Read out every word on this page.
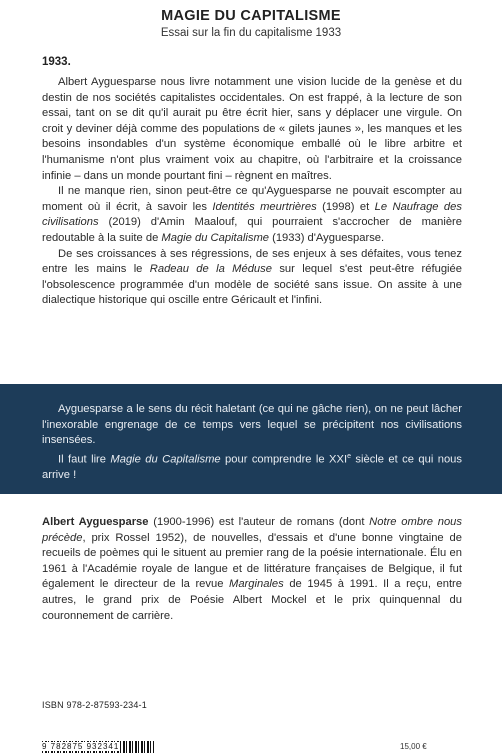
MAGIE DU CAPITALISME
Essai sur la fin du capitalisme 1933
1933.

Albert Ayguesparse nous livre notamment une vision lucide de la genèse et du destin de nos sociétés capitalistes occidentales. On est frappé, à la lecture de son essai, tant on se dit qu'il aurait pu être écrit hier, sans y déplacer une virgule. On croit y deviner déjà comme des populations de « gilets jaunes », les manques et les besoins insondables d'un système économique emballé où le libre arbitre et l'humanisme n'ont plus vraiment voix au chapitre, où l'arbitraire et la croissance infinie – dans un monde pourtant fini – règnent en maîtres.

Il ne manque rien, sinon peut-être ce qu'Ayguesparse ne pouvait escompter au moment où il écrit, à savoir les Identités meurtrières (1998) et Le Naufrage des civilisations (2019) d'Amin Maalouf, qui pourraient s'accrocher de manière redoutable à la suite de Magie du Capitalisme (1933) d'Ayguesparse.

De ses croissances à ses régressions, de ses enjeux à ses défaites, vous tenez entre les mains le Radeau de la Méduse sur lequel s'est peut-être réfugiée l'obsolescence programmée d'un modèle de société sans issue. On assite à une dialectique historique qui oscille entre Géricault et l'infini.

Ayguesparse a le sens du récit haletant (ce qui ne gâche rien), on ne peut lâcher l'inexorable engrenage de ce temps vers lequel se précipitent nos civilisations insensées.

Il faut lire Magie du Capitalisme pour comprendre le XXIe siècle et ce qui nous arrive !

Albert Ayguesparse (1900-1996) est l'auteur de romans (dont Notre ombre nous précède, prix Rossel 1952), de nouvelles, d'essais et d'une bonne vingtaine de recueils de poèmes qui le situent au premier rang de la poésie internationale. Élu en 1961 à l'Académie royale de langue et de littérature françaises de Belgique, il fut également le directeur de la revue Marginales de 1945 à 1991. Il a reçu, entre autres, le grand prix de Poésie Albert Mockel et le prix quinquennal du couronnement de carrière.

ISBN 978-2-87593-234-1
9 782875 932341	15,00 €
